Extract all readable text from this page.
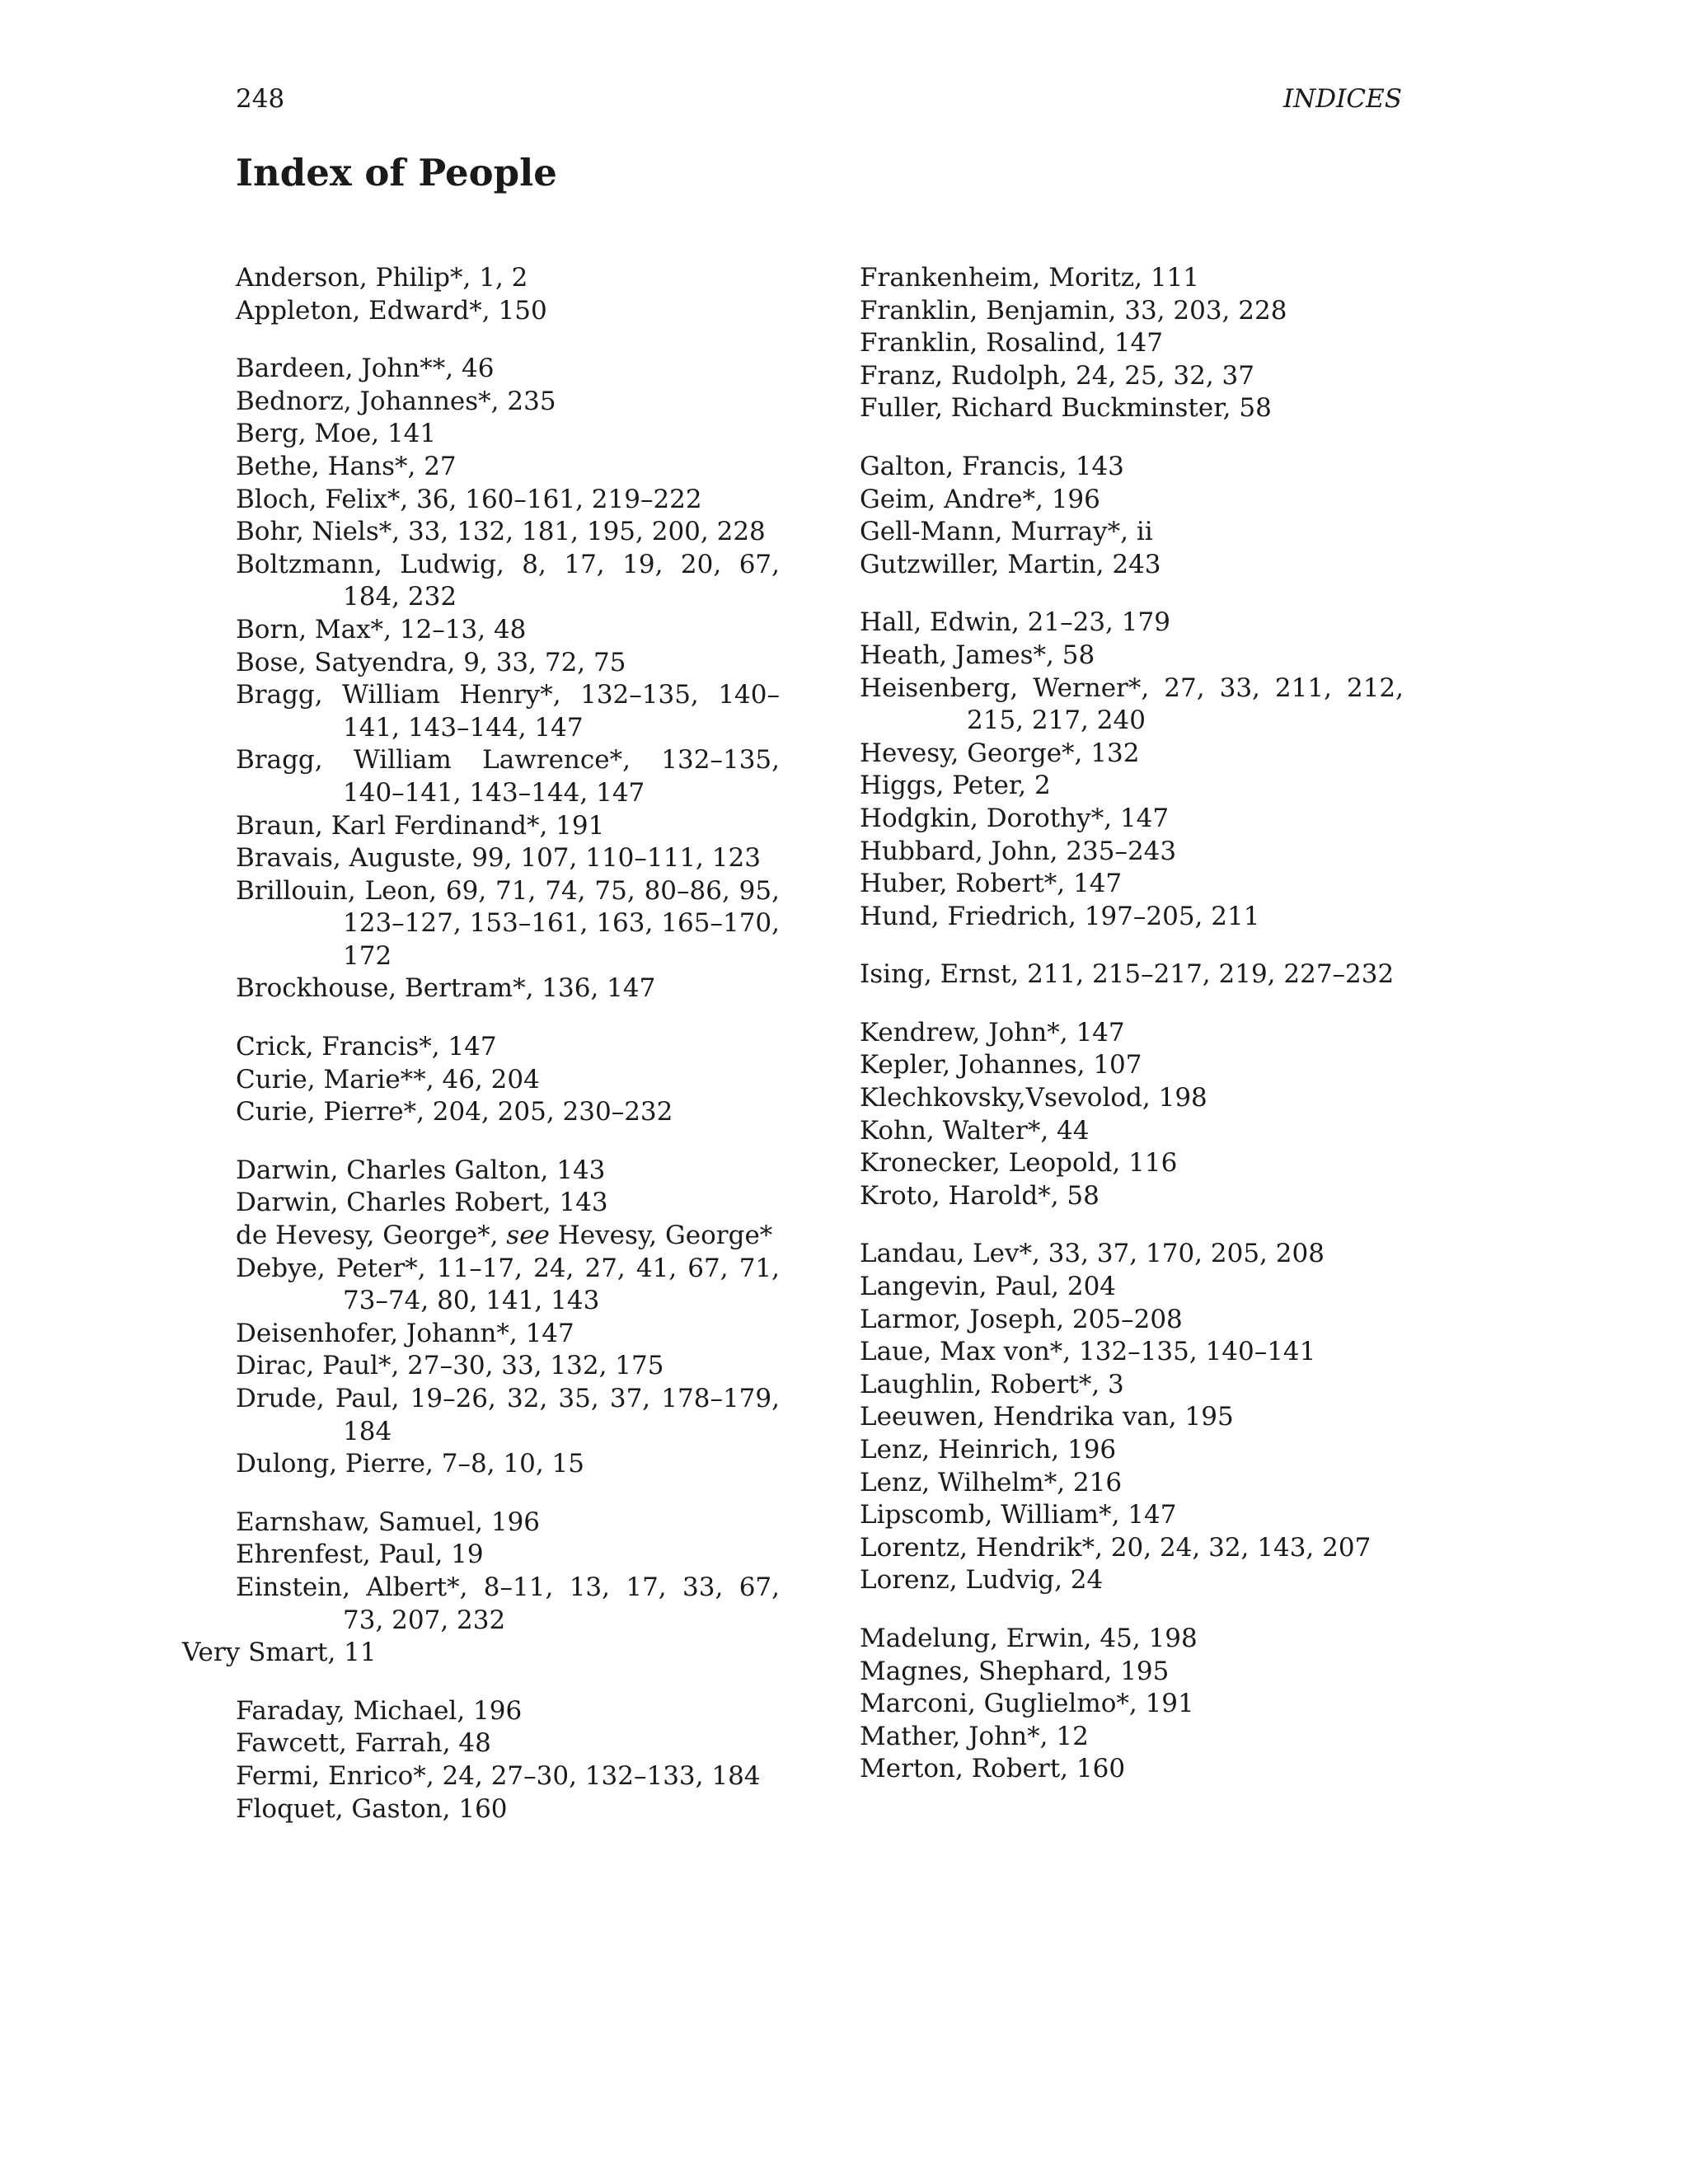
248	INDICES
Index of People
Anderson, Philip*, 1, 2
Appleton, Edward*, 150
Bardeen, John**, 46
Bednorz, Johannes*, 235
Berg, Moe, 141
Bethe, Hans*, 27
Bloch, Felix*, 36, 160–161, 219–222
Bohr, Niels*, 33, 132, 181, 195, 200, 228
Boltzmann, Ludwig, 8, 17, 19, 20, 67, 184, 232
Born, Max*, 12–13, 48
Bose, Satyendra, 9, 33, 72, 75
Bragg, William Henry*, 132–135, 140–141, 143–144, 147
Bragg, William Lawrence*, 132–135, 140–141, 143–144, 147
Braun, Karl Ferdinand*, 191
Bravais, Auguste, 99, 107, 110–111, 123
Brillouin, Leon, 69, 71, 74, 75, 80–86, 95, 123–127, 153–161, 163, 165–170, 172
Brockhouse, Bertram*, 136, 147
Crick, Francis*, 147
Curie, Marie**, 46, 204
Curie, Pierre*, 204, 205, 230–232
Darwin, Charles Galton, 143
Darwin, Charles Robert, 143
de Hevesy, George*, see Hevesy, George*
Debye, Peter*, 11–17, 24, 27, 41, 67, 71, 73–74, 80, 141, 143
Deisenhofer, Johann*, 147
Dirac, Paul*, 27–30, 33, 132, 175
Drude, Paul, 19–26, 32, 35, 37, 178–179, 184
Dulong, Pierre, 7–8, 10, 15
Earnshaw, Samuel, 196
Ehrenfest, Paul, 19
Einstein, Albert*, 8–11, 13, 17, 33, 67, 73, 207, 232
Very Smart, 11
Faraday, Michael, 196
Fawcett, Farrah, 48
Fermi, Enrico*, 24, 27–30, 132–133, 184
Floquet, Gaston, 160
Frankenheim, Moritz, 111
Franklin, Benjamin, 33, 203, 228
Franklin, Rosalind, 147
Franz, Rudolph, 24, 25, 32, 37
Fuller, Richard Buckminster, 58
Galton, Francis, 143
Geim, Andre*, 196
Gell-Mann, Murray*, ii
Gutzwiller, Martin, 243
Hall, Edwin, 21–23, 179
Heath, James*, 58
Heisenberg, Werner*, 27, 33, 211, 212, 215, 217, 240
Hevesy, George*, 132
Higgs, Peter, 2
Hodgkin, Dorothy*, 147
Hubbard, John, 235–243
Huber, Robert*, 147
Hund, Friedrich, 197–205, 211
Ising, Ernst, 211, 215–217, 219, 227–232
Kendrew, John*, 147
Kepler, Johannes, 107
Klechkovsky,Vsevolod, 198
Kohn, Walter*, 44
Kronecker, Leopold, 116
Kroto, Harold*, 58
Landau, Lev*, 33, 37, 170, 205, 208
Langevin, Paul, 204
Larmor, Joseph, 205–208
Laue, Max von*, 132–135, 140–141
Laughlin, Robert*, 3
Leeuwen, Hendrika van, 195
Lenz, Heinrich, 196
Lenz, Wilhelm*, 216
Lipscomb, William*, 147
Lorentz, Hendrik*, 20, 24, 32, 143, 207
Lorenz, Ludvig, 24
Madelung, Erwin, 45, 198
Magnes, Shephard, 195
Marconi, Guglielmo*, 191
Mather, John*, 12
Merton, Robert, 160
